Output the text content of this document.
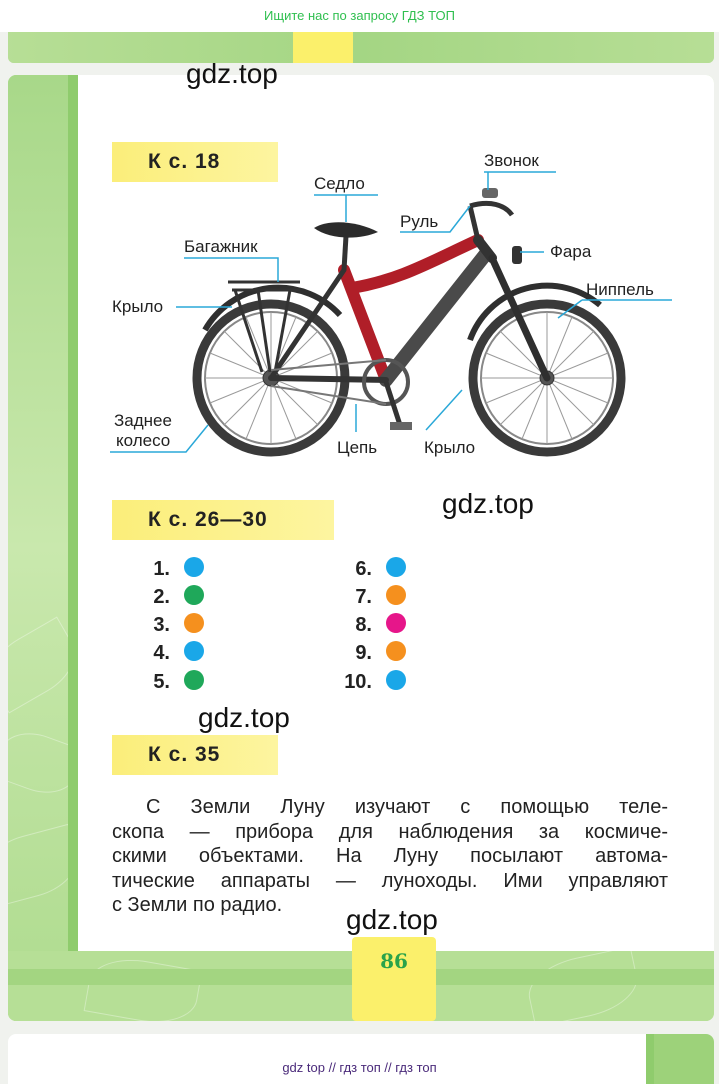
Ищите нас по запросу ГДЗ ТОП
86
gdz.top
gdz.top
gdz.top
gdz.top
К с. 18
К с. 26—30
К с. 35
Звонок
Седло
Руль
Фара
Багажник
Ниппель
Крыло
Заднее
колесо	Цепь	Крыло
1.
2.
3.
4.
5.
6.
7.
8.
9.
10.

С Земли Луну изучают с помощью теле-

скопа — прибора для наблюдения за космиче-

скими объектами. На Луну посылают автома-

тические аппараты — луноходы. Ими управляют

с Земли по радио.

gdz top // гдз топ // гдз топ
